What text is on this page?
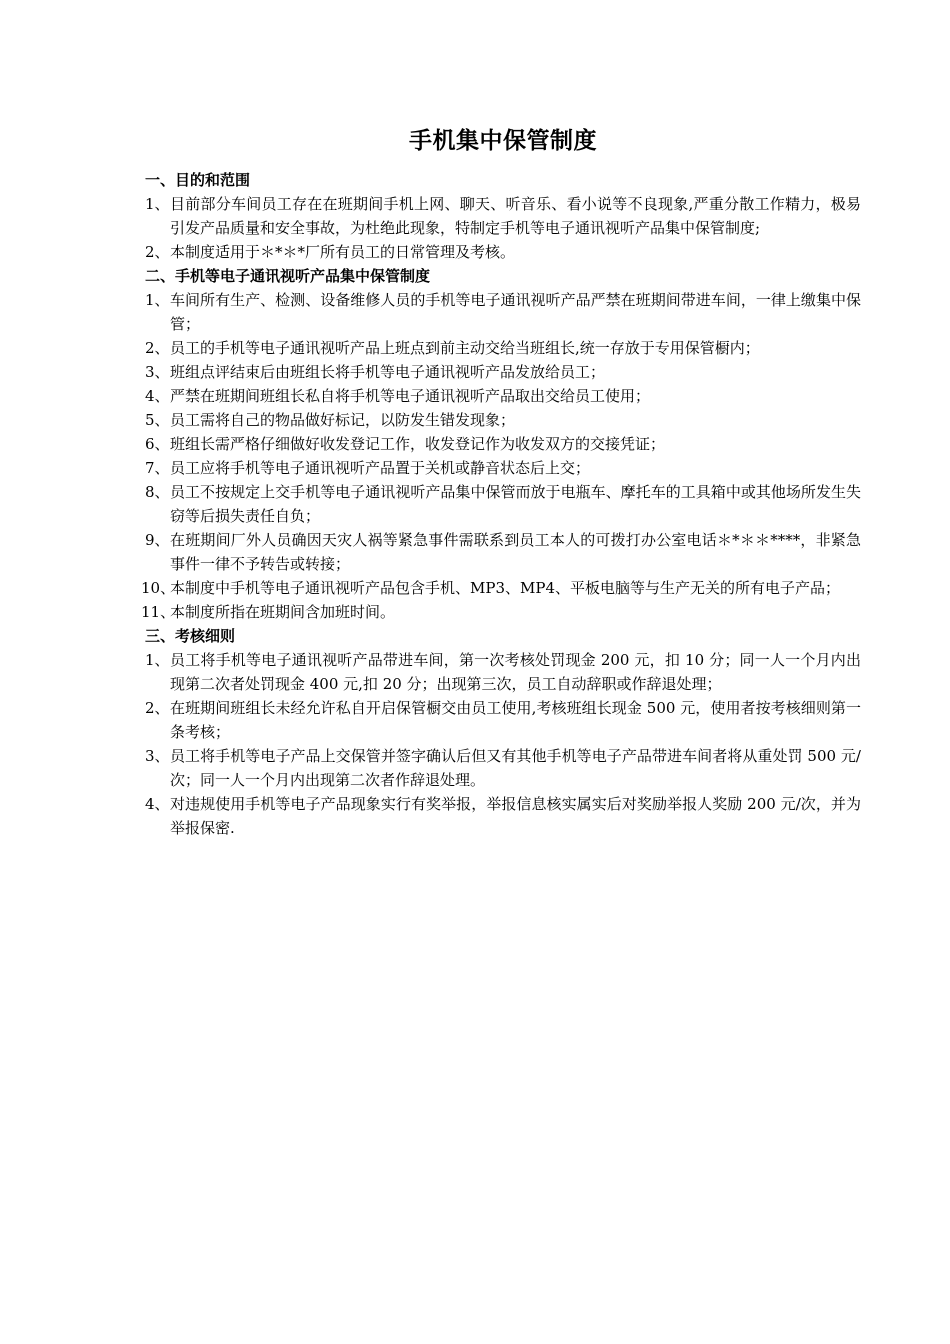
手机集中保管制度

一、目的和范围

1、 目前部分车间员工存在在班期间手机上网、聊天、听音乐、看小说等不良现象,严重分散工作精力，极易引发产品质量和安全事故，为杜绝此现象，特制定手机等电子通讯视听产品集中保管制度;

2、 本制度适用于＊*＊*厂所有员工的日常管理及考核。

二、手机等电子通讯视听产品集中保管制度

1、 车间所有生产、检测、设备维修人员的手机等电子通讯视听产品严禁在班期间带进车间，一律上缴集中保管；

2、 员工的手机等电子通讯视听产品上班点到前主动交给当班组长,统一存放于专用保管橱内；

3、 班组点评结束后由班组长将手机等电子通讯视听产品发放给员工；

4、 严禁在班期间班组长私自将手机等电子通讯视听产品取出交给员工使用；

5、 员工需将自己的物品做好标记，以防发生错发现象；

6、 班组长需严格仔细做好收发登记工作，收发登记作为收发双方的交接凭证；

7、 员工应将手机等电子通讯视听产品置于关机或静音状态后上交；

8、 员工不按规定上交手机等电子通讯视听产品集中保管而放于电瓶车、摩托车的工具箱中或其他场所发生失窃等后损失责任自负；

9、 在班期间厂外人员确因天灾人祸等紧急事件需联系到员工本人的可拨打办公室电话＊*＊＊****，非紧急事件一律不予转告或转接；

10、
本制度中手机等电子通讯视听产品包含手机、MP3、MP4、平板电脑等与生产无关的所有电子产品；

11、
本制度所指在班期间含加班时间。

三、考核细则

1、 员工将手机等电子通讯视听产品带进车间，第一次考核处罚现金 200 元，扣 10 分；同一人一个月内出现第二次者处罚现金 400 元,扣 20 分；出现第三次，员工自动辞职或作辞退处理；

2、 在班期间班组长未经允许私自开启保管橱交由员工使用,考核班组长现金 500 元，使用者按考核细则第一条考核；

3、 员工将手机等电子产品上交保管并签字确认后但又有其他手机等电子产品带进车间者将从重处罚 500 元/次；同一人一个月内出现第二次者作辞退处理。

4、 对违规使用手机等电子产品现象实行有奖举报，举报信息核实属实后对奖励举报人奖励 200 元/次，并为举报保密.
